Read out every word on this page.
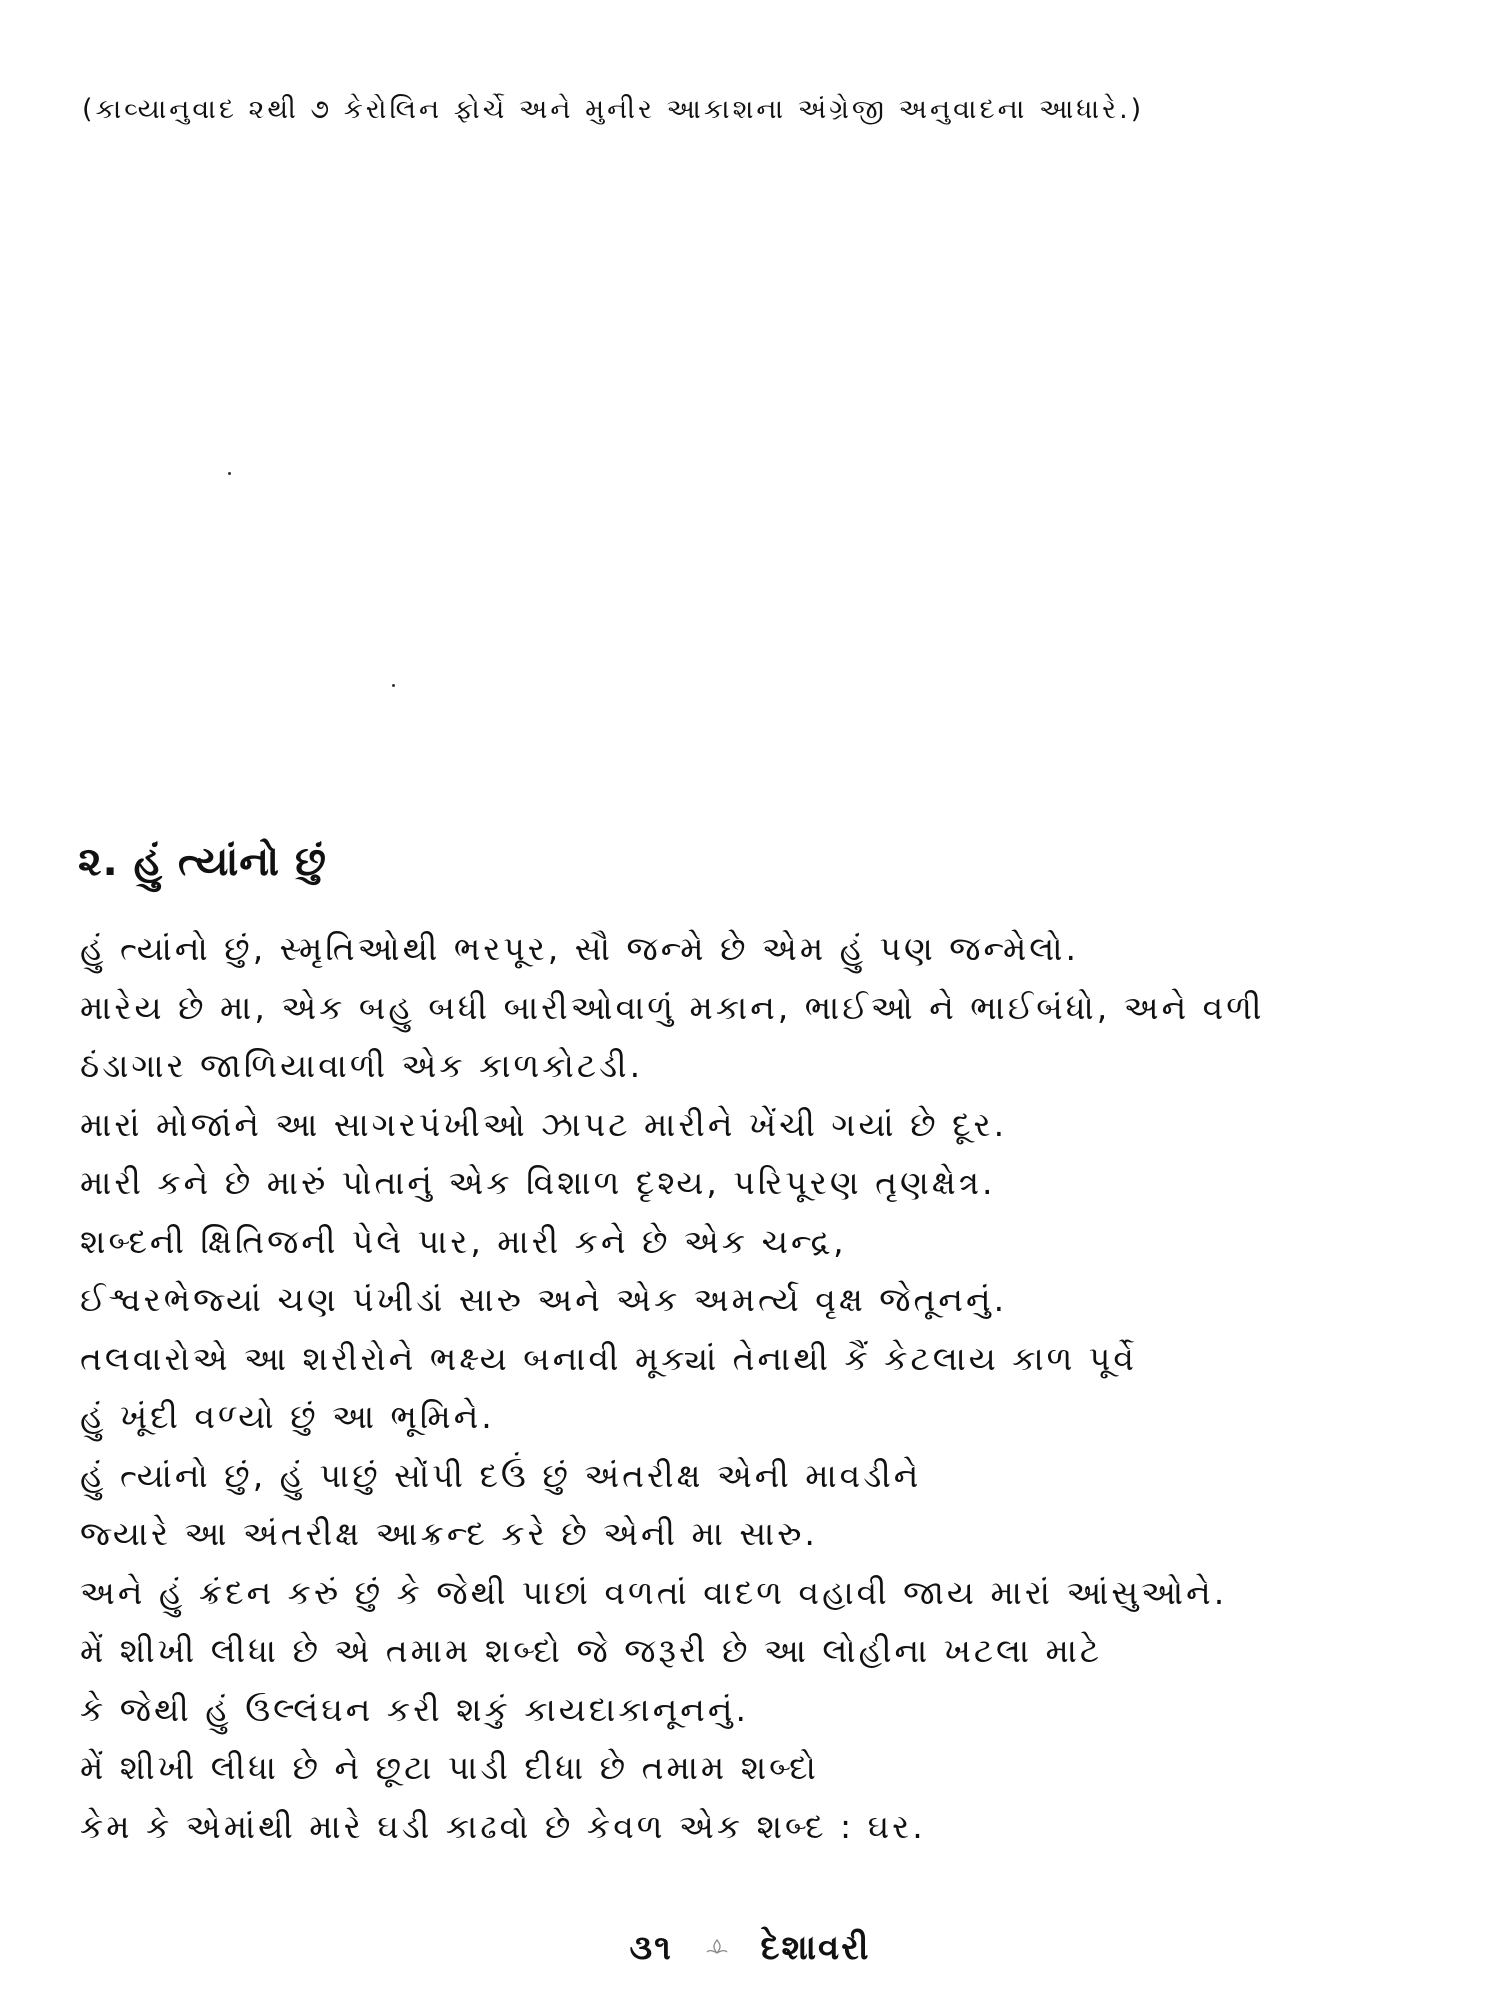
(કાવ્યાનુવાદ ૨થી ૭ કેરોલિન ફોર્ચે અને મુનીર આકાશના અંગ્રેજી અનુવાદના આધારે.)
૨. હું ત્યાંનો છું
હું ત્યાંનો છું, સ્મૃતિઓથી ભરપૂર, સૌ જન્મે છે એમ હું પણ જન્મેલો.
મારેય છે મા, એક બહુ બધી બારીઓવાળું મકાન, ભાઈઓ ને ભાઈબંધો, અને વળી
ઠંડાગાર જાળિયાવાળી એક કાળકોટડી.
મારાં મોજાંને આ સાગરપંખીઓ ઝાપટ મારીને ખેંચી ગયાં છે દૂર.
મારી કને છે મારું પોતાનું એક વિશાળ દૃશ્ય, પરિપૂરણ તૃણક્ષેત્ર.
શબ્દની ક્ષિતિજની પેલે પાર, મારી કને છે એક ચન્દ્ર,
ઈશ્વરભેજ્યાં ચણ પંખીડાં સારુ અને એક અમર્ત્ય વૃક્ષ જેતૂનનું.
તલવારોએ આ શરીરોને ભક્ષ્ય બનાવી મૂક્યાં તેનાથી કૈં કેટલાય કાળ પૂર્વે
હું ખૂંદી વળ્યો છું આ ભૂમિને.
હું ત્યાંનો છું, હું પાછું સોંપી દઉં છું અંતરીક્ષ એની માવડીને
જ્યારે આ અંતરીક્ષ આક્રન્દ કરે છે એની મા સારુ.
અને હું ક્રંદન કરું છું કે જેથી પાછાં વળતાં વાદળ વહાવી જાય મારાં આંસુઓને.
મેં શીખી લીધા છે એ તમામ શબ્દો જે જરૂરી છે આ લોહીના ખટલા માટે
કે જેથી હું ઉલ્લંઘન કરી શકું કાયદાકાનૂનનું.
મેં શીખી લીધા છે ને છૂટા પાડી દીધા છે તમામ શબ્દો
કેમ કે એમાંથી મારે ઘડી કાઢવો છે કેવળ એક શબ્દ : ઘર.
૩૧	દેશાવરી
